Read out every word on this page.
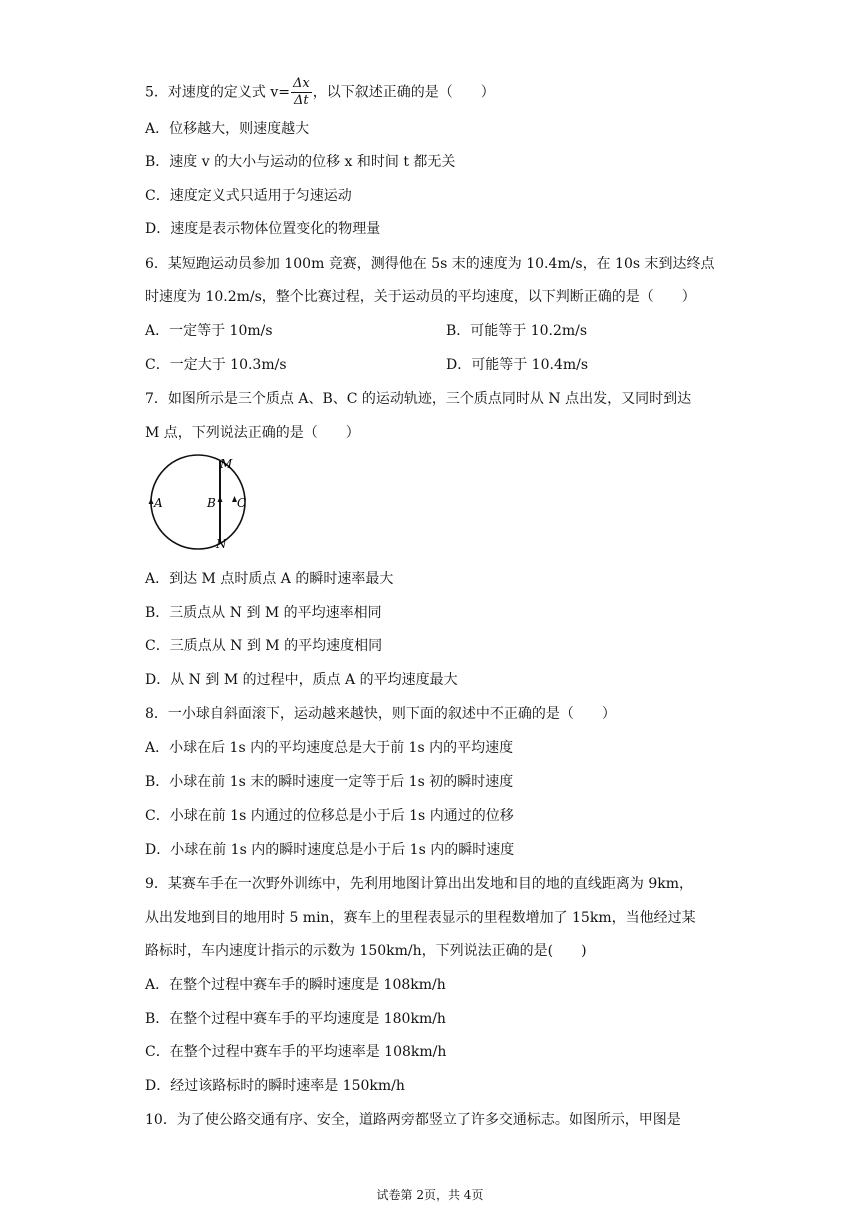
5．对速度的定义式 $v= \frac{\Delta x}{\Delta t}$ ，以下叙述正确的是（　　）
A．位移越大，则速度越大
B．速度 v 的大小与运动的位移 x 和时间 t 都无关
C．速度定义式只适用于匀速运动
D．速度是表示物体位置变化的物理量
6．某短跑运动员参加 100m 竞赛，测得他在 5s 末的速度为 10.4m/s，在 10s 末到达终点
时速度为 10.2m/s，整个比赛过程，关于运动员的平均速度，以下判断正确的是（　　）
A．一定等于 10m/s	B．可能等于 10.2m/s
C．一定大于 10.3m/s	D．可能等于 10.4m/s
7．如图所示是三个质点 A、B、C 的运动轨迹，三个质点同时从 N 点出发，又同时到达
M 点，下列说法正确的是（　　）
M
N
A	B C
A．到达 M 点时质点 A 的瞬时速率最大
B．三质点从 N 到 M 的平均速率相同
C．三质点从 N 到 M 的平均速度相同
D．从 N 到 M 的过程中，质点 A 的平均速度最大
8．一小球自斜面滚下，运动越来越快，则下面的叙述中不正确的是（　　）
A．小球在后 1s 内的平均速度总是大于前 1s 内的平均速度
B．小球在前 1s 末的瞬时速度一定等于后 1s 初的瞬时速度
C．小球在前 1s 内通过的位移总是小于后 1s 内通过的位移
D．小球在前 1s 内的瞬时速度总是小于后 1s 内的瞬时速度
9．某赛车手在一次野外训练中，先利用地图计算出出发地和目的地的直线距离为 9km，
从出发地到目的地用时 5 min，赛车上的里程表显示的里程数增加了 15km，当他经过某
路标时，车内速度计指示的示数为 150km/h，下列说法正确的是(　　)
A．在整个过程中赛车手的瞬时速度是 108km/h
B．在整个过程中赛车手的平均速度是 180km/h
C．在整个过程中赛车手的平均速率是 108km/h
D．经过该路标时的瞬时速率是 150km/h
10．为了使公路交通有序、安全，道路两旁都竖立了许多交通标志。如图所示，甲图是
试卷第 2页，共 4页
